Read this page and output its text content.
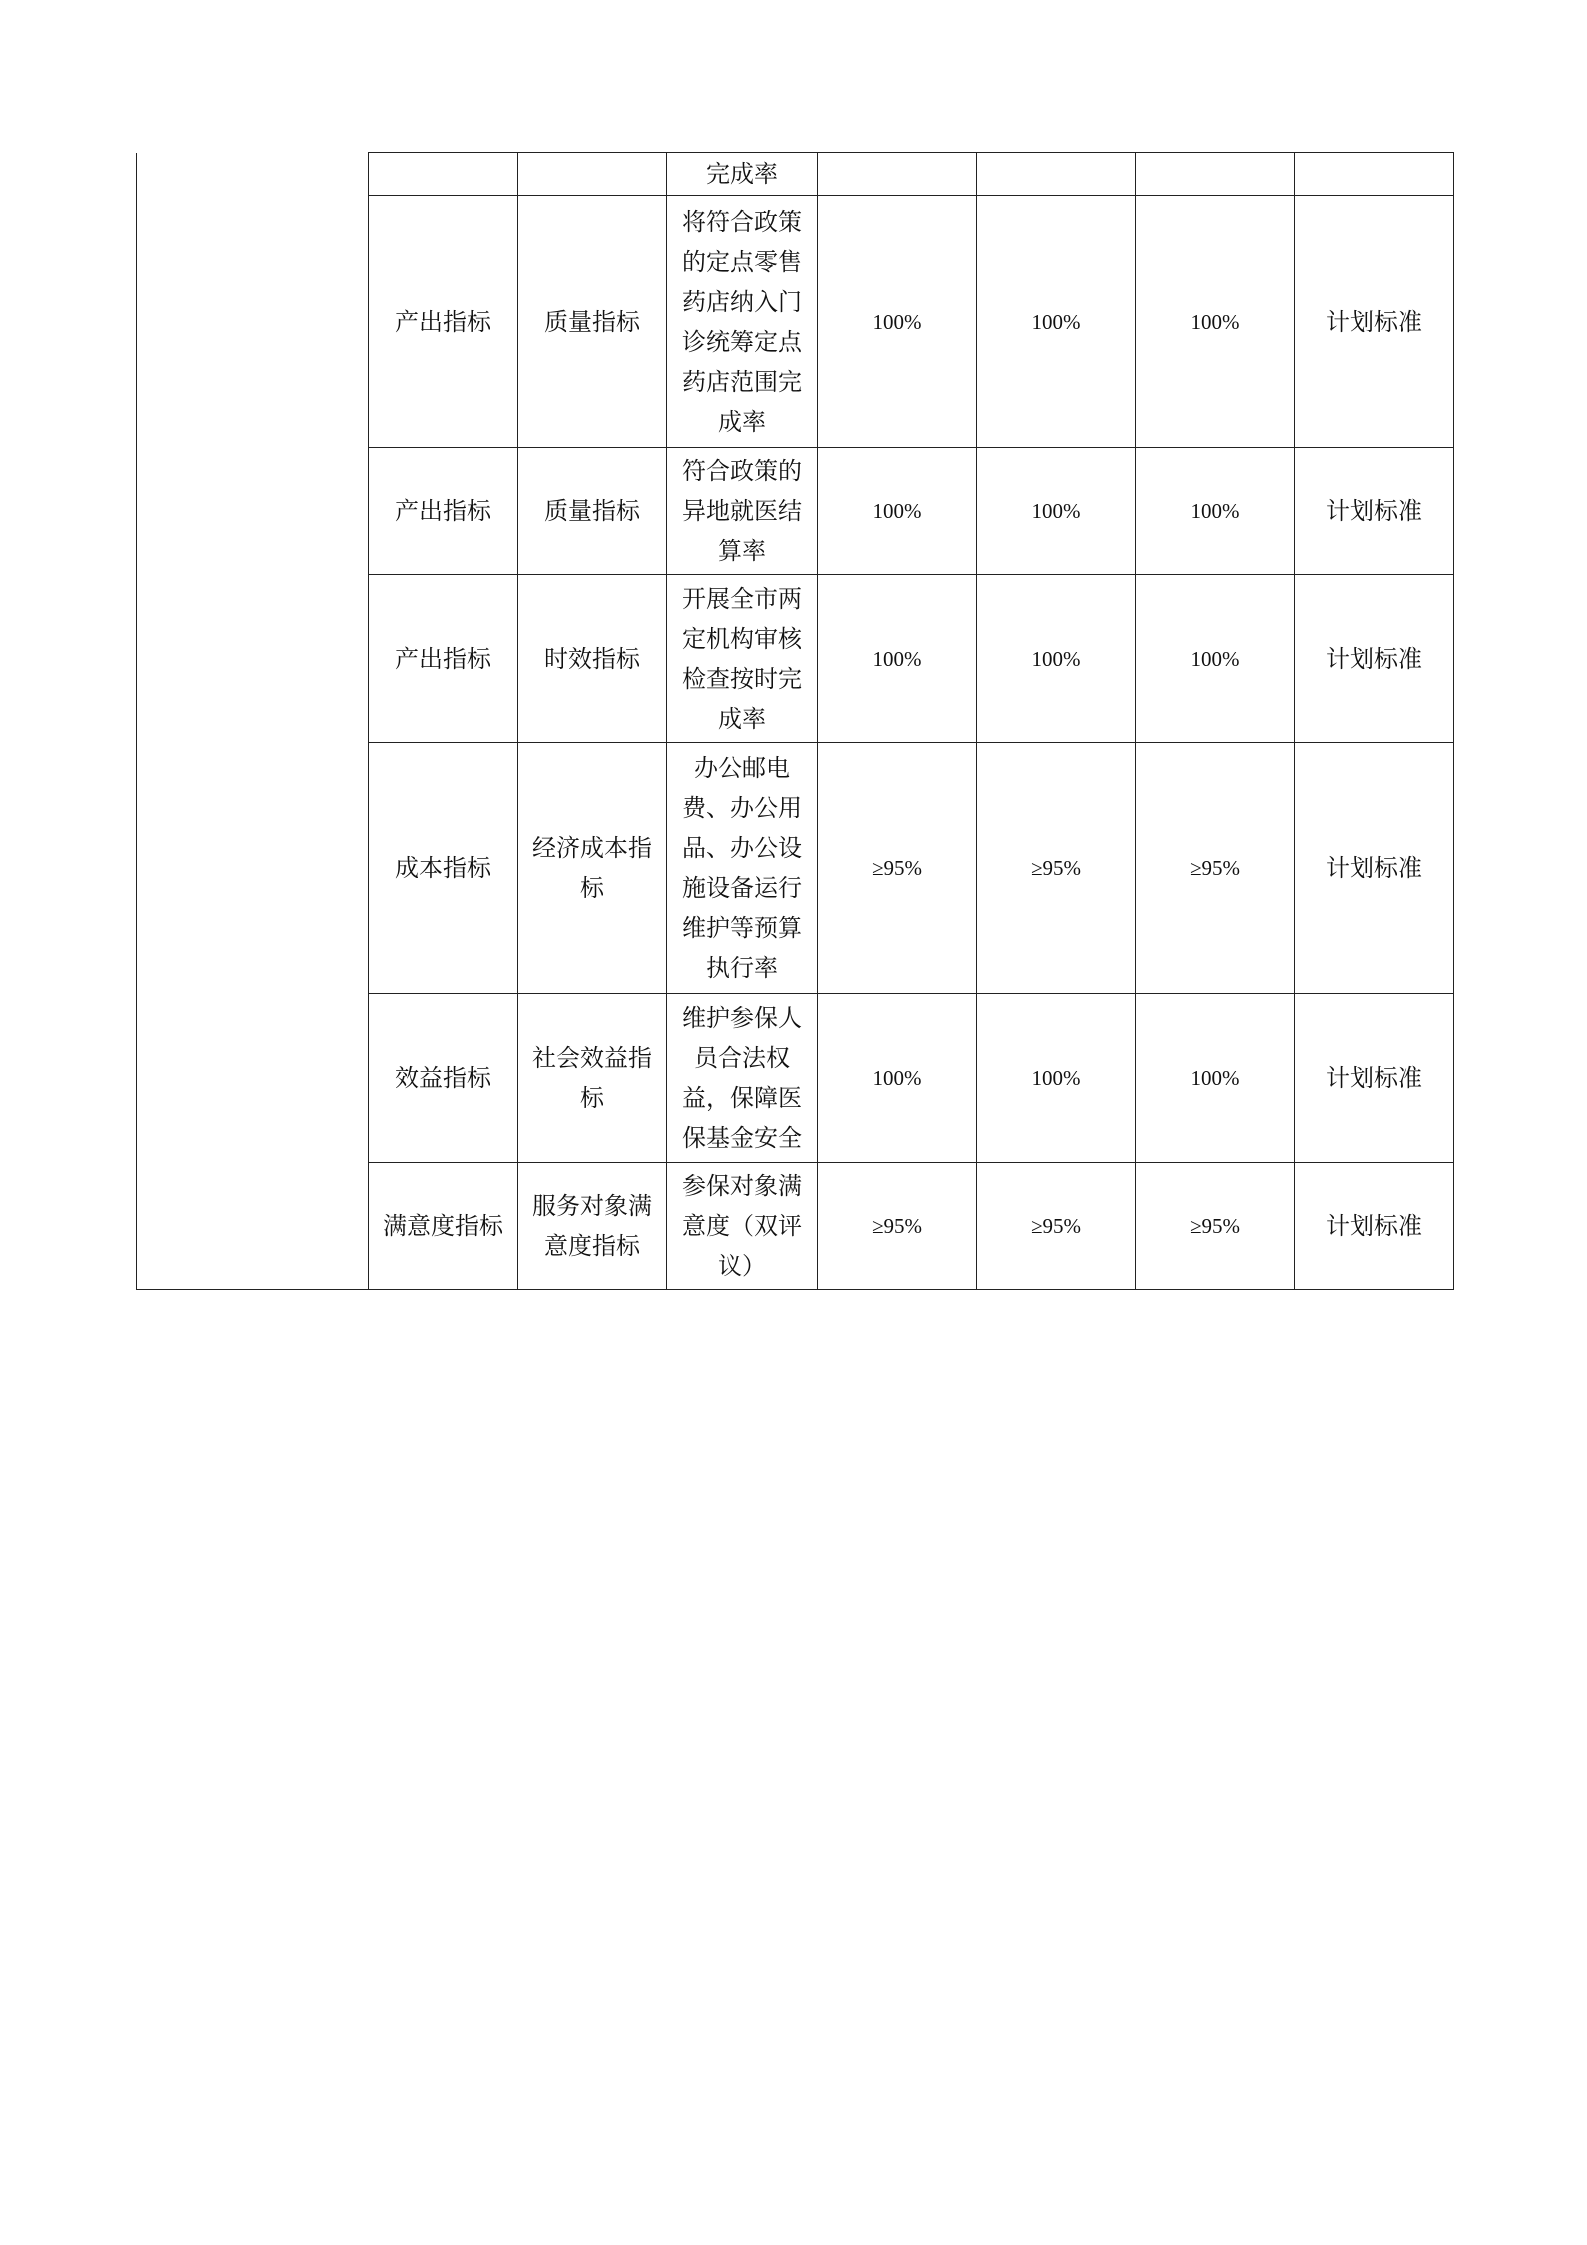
			完成率				
	产出指标	质量指标	将符合政策的定点零售药店纳入门诊统筹定点药店范围完成率	100%	100%	100%	计划标准
	产出指标	质量指标	符合政策的异地就医结算率	100%	100%	100%	计划标准
	产出指标	时效指标	开展全市两定机构审核检查按时完成率	100%	100%	100%	计划标准
	成本指标	经济成本指标	办公邮电费、办公用品、办公设施设备运行维护等预算执行率	≥95%	≥95%	≥95%	计划标准
	效益指标	社会效益指标	维护参保人员合法权益，保障医保基金安全	100%	100%	100%	计划标准
	满意度指标	服务对象满意度指标	参保对象满意度（双评议）	≥95%	≥95%	≥95%	计划标准
